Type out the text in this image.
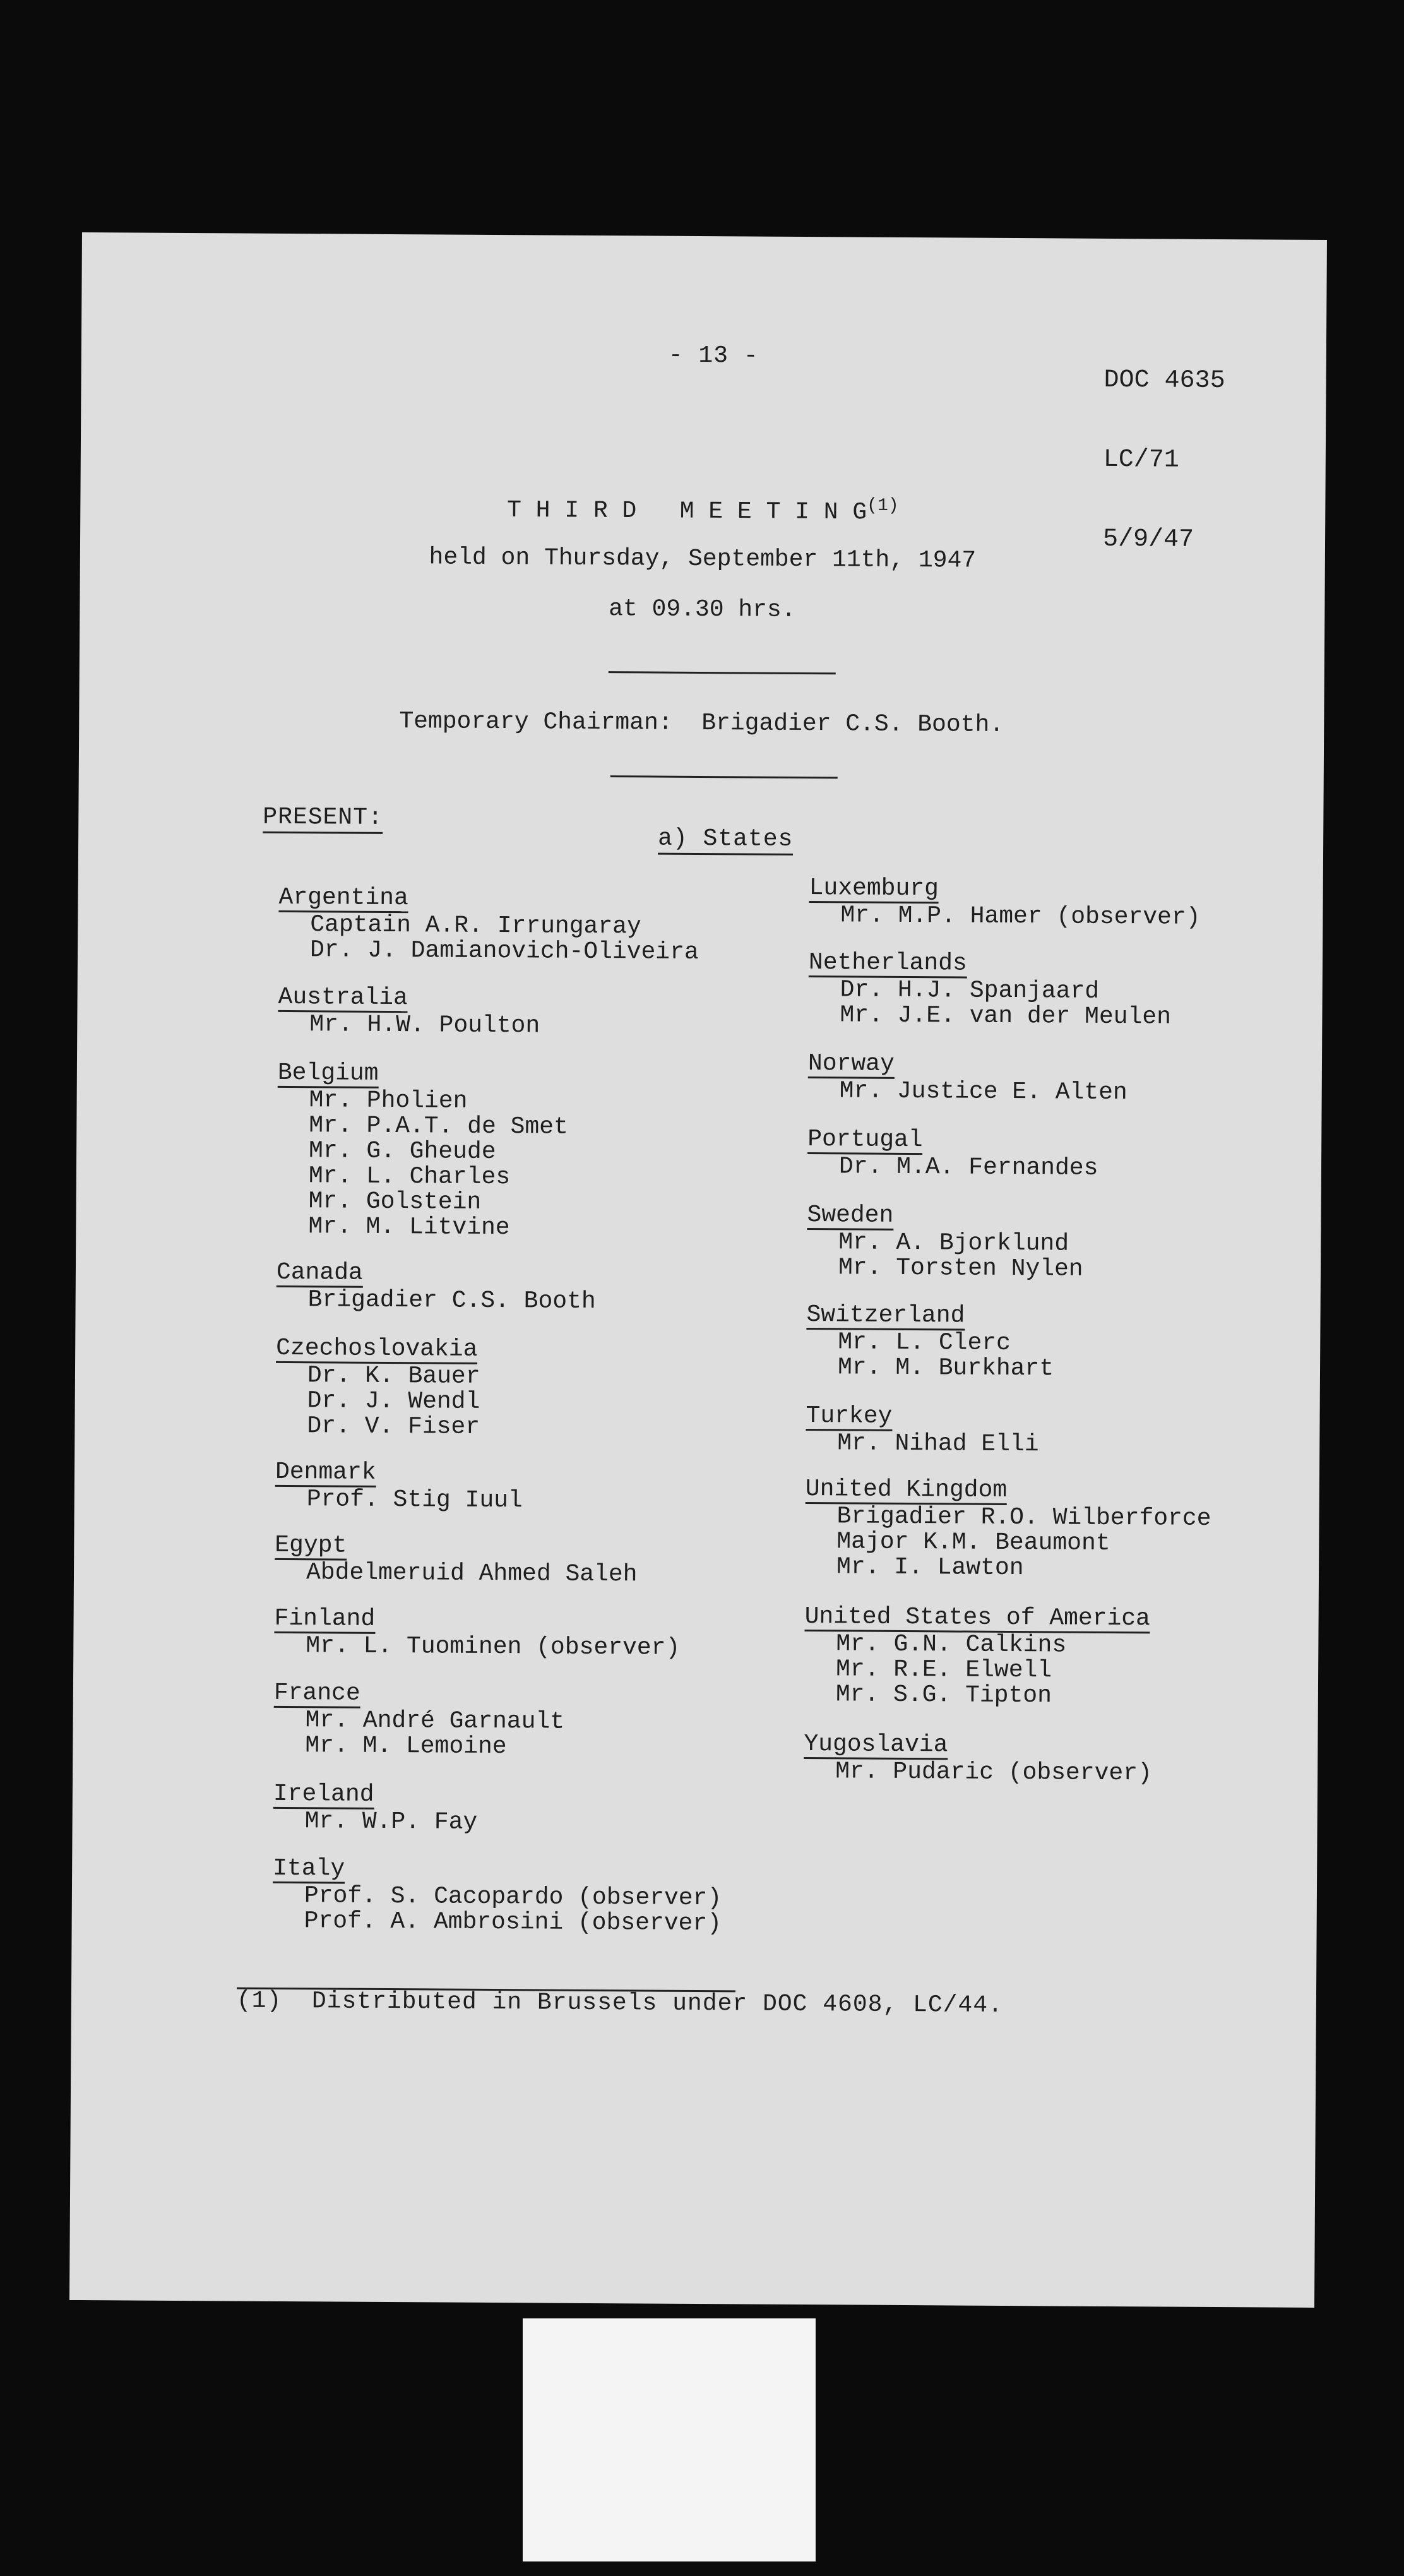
- 13 -

DOC 4635

LC/71

5/9/47

T H I R D   M E E T I N $G^{(1)}$
held on Thursday, September 11th, 1947
at 09.30 hrs.
Temporary Chairman:  Brigadier C.S. Booth.
PRESENT:
a) States
Argentina
Captain A.R. Irrungaray
Dr. J. Damianovich-Oliveira
Australia
Mr. H.W. Poulton
Belgium
Mr. Pholien
Mr. P.A.T. de Smet
Mr. G. Gheude
Mr. L. Charles
Mr. Golstein
Mr. M. Litvine
Canada
Brigadier C.S. Booth
Czechoslovakia
Dr. K. Bauer
Dr. J. Wendl
Dr. V. Fiser
Denmark
Prof. Stig Iuul
Egypt
Abdelmeruid Ahmed Saleh
Finland
Mr. L. Tuominen (observer)
France
Mr. André Garnault
Mr. M. Lemoine
Ireland
Mr. W.P. Fay
Italy
Prof. S. Cacopardo (observer)
Prof. A. Ambrosini (observer)
Luxemburg
Mr. M.P. Hamer (observer)
Netherlands
Dr. H.J. Spanjaard
Mr. J.E. van der Meulen
Norway
Mr. Justice E. Alten
Portugal
Dr. M.A. Fernandes
Sweden
Mr. A. Bjorklund
Mr. Torsten Nylen
Switzerland
Mr. L. Clerc
Mr. M. Burkhart
Turkey
Mr. Nihad Elli
United Kingdom
Brigadier R.O. Wilberforce
Major K.M. Beaumont
Mr. I. Lawton
United States of America
Mr. G.N. Calkins
Mr. R.E. Elwell
Mr. S.G. Tipton
Yugoslavia
Mr. Pudaric (observer)
(1)  Distributed in Brussels under DOC 4608, LC/44.
